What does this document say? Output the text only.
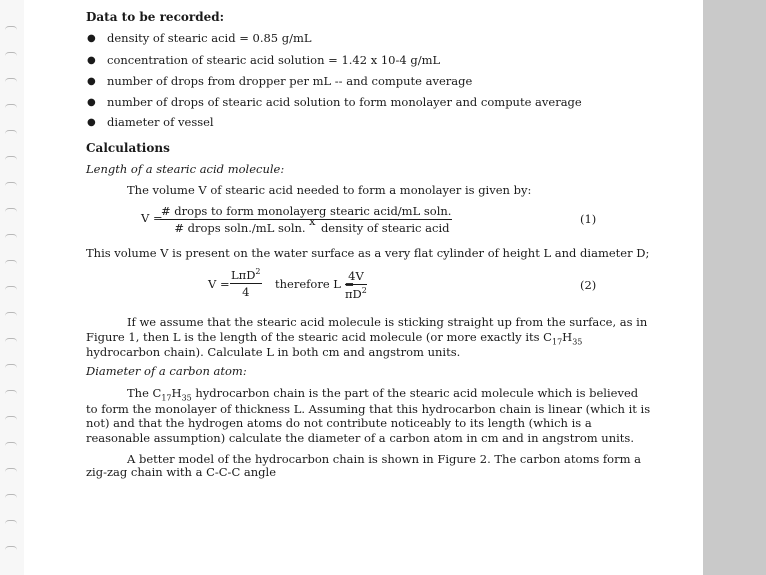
Data to be recorded:
● density of stearic acid = 0.85 g/mL
● concentration of stearic acid solution = 1.42 x 10-4 g/mL
● number of drops from dropper per mL -- and compute average
● number of drops of stearic acid solution to form monolayer and compute average
● diameter of vessel
Calculations
Length of a stearic acid molecule:
The volume V of stearic acid needed to form a monolayer is given by:
V =
# drops to form monolayer
# drops soln./mL soln. x
g stearic acid/mL soln.
density of stearic acid
(1)
This volume V is present on the water surface as a very flat cylinder of height L and diameter D;
V =
LπD$^2$
4
therefore L =
$\frac{4V}{\pi D^2}$	(2)
If we assume that the stearic acid molecule is sticking straight up from the surface, as in
Figure 1, then L is the length of the stearic acid molecule (or more exactly its $C_{17}H_{35}$
hydrocarbon chain). Calculate L in both cm and angstrom units.
Diameter of a carbon atom:
The $C_{17}H_{35}$ hydrocarbon chain is the part of the stearic acid molecule which is believed
to form the monolayer of thickness L. Assuming that this hydrocarbon chain is linear (which it is
not) and that the hydrogen atoms do not contribute noticeably to its length (which is a
reasonable assumption) calculate the diameter of a carbon atom in cm and in angstrom units.
A better model of the hydrocarbon chain is shown in Figure 2. The carbon atoms form a
zig-zag chain with a C-C-C angle
